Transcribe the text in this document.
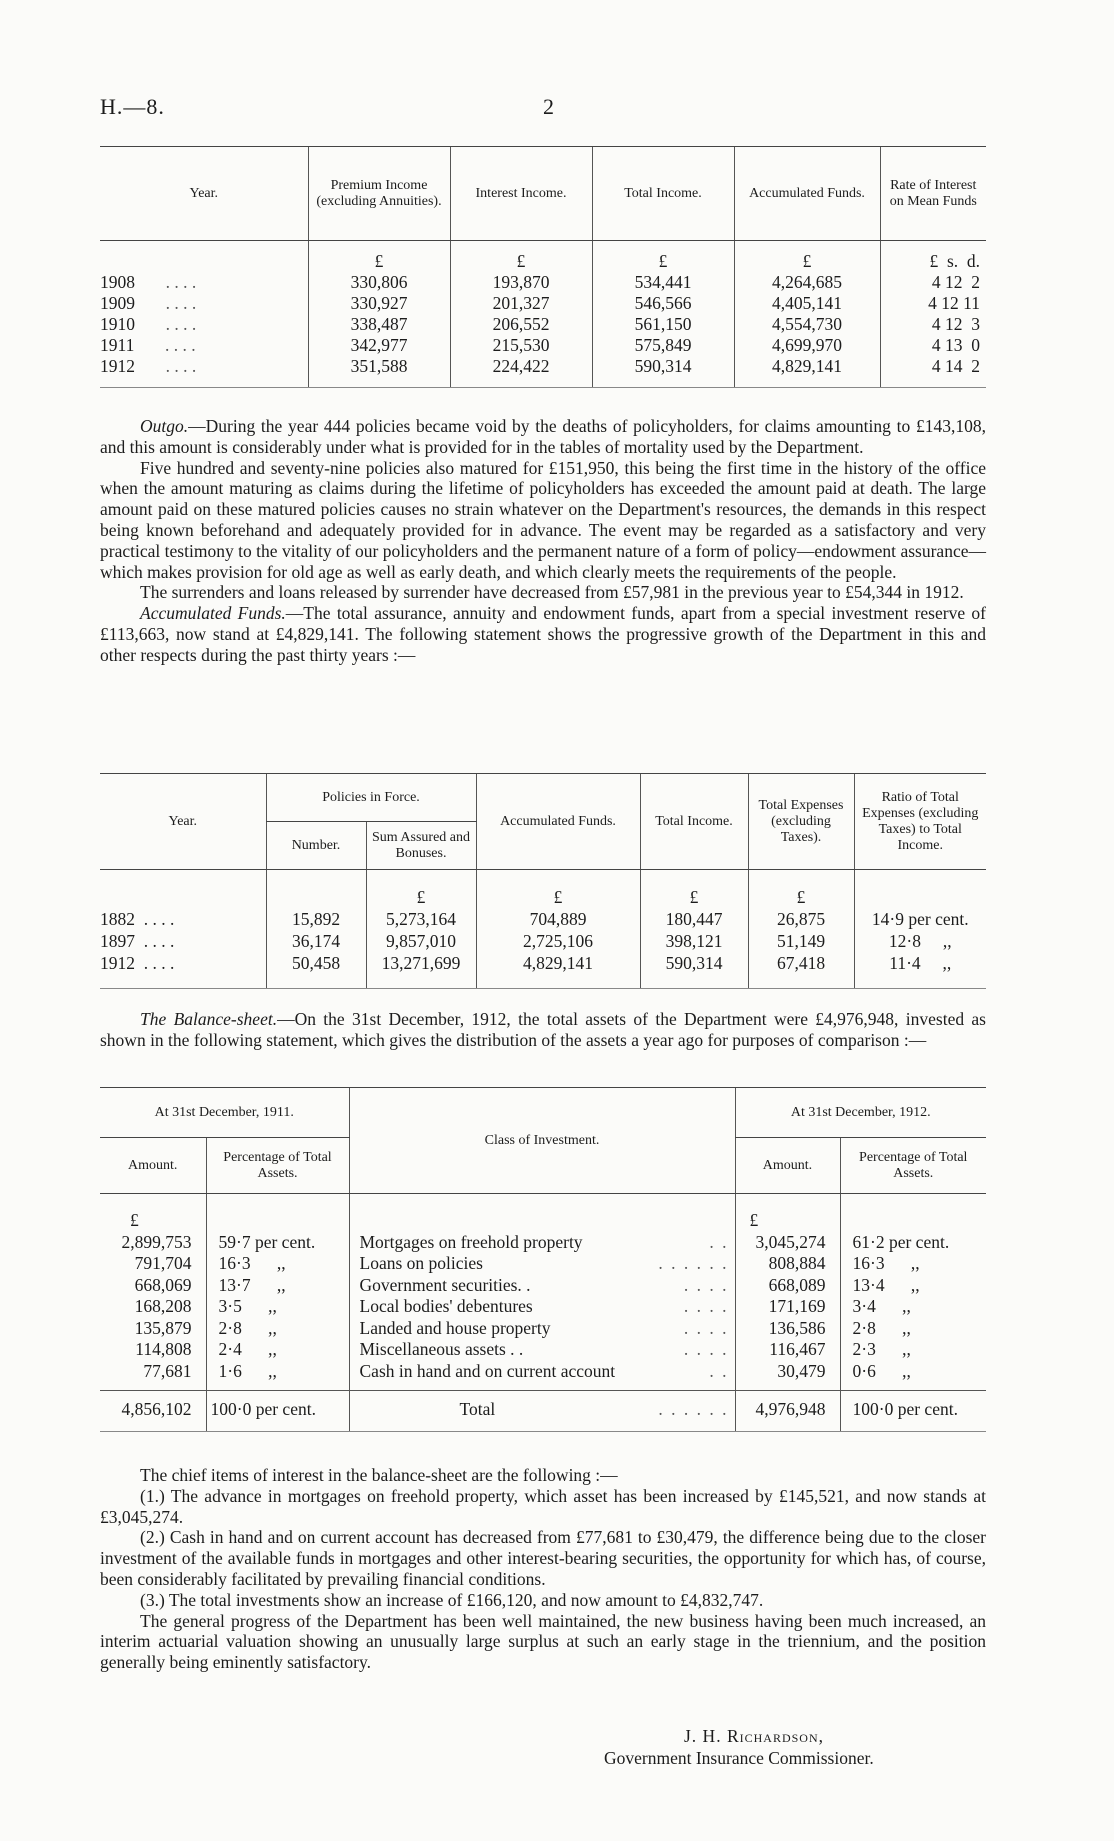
H.—8.	2
Year.	Premium Income (excluding Annuities).	Interest Income.	Total Income.	Accumulated Funds.	Rate of Interest on Mean Funds
	£	£	£	£	£  s.  d.
1908 . . . .	330,806	193,870	534,441	4,264,685	4 12  2
1909 . . . .	330,927	201,327	546,566	4,405,141	4 12 11
1910 . . . .	338,487	206,552	561,150	4,554,730	4 12  3
1911 . . . .	342,977	215,530	575,849	4,699,970	4 13  0
1912 . . . .	351,588	224,422	590,314	4,829,141	4 14  2

Outgo.—During the year 444 policies became void by the deaths of policyholders, for claims amounting to £143,108, and this amount is considerably under what is provided for in the tables of mortality used by the Department.

Five hundred and seventy-nine policies also matured for £151,950, this being the first time in the history of the office when the amount maturing as claims during the lifetime of policyholders has exceeded the amount paid at death. The large amount paid on these matured policies causes no strain whatever on the Department's resources, the demands in this respect being known beforehand and adequately provided for in advance. The event may be regarded as a satisfactory and very practical testimony to the vitality of our policyholders and the permanent nature of a form of policy—endowment assurance—which makes provision for old age as well as early death, and which clearly meets the requirements of the people.

The surrenders and loans released by surrender have decreased from £57,981 in the previous year to £54,344 in 1912.

Accumulated Funds.—The total assurance, annuity and endowment funds, apart from a special investment reserve of £113,663, now stand at £4,829,141. The following statement shows the progressive growth of the Department in this and other respects during the past thirty years :—

Year.	Policies in Force.		Accumulated Funds.	Total Income.	Total Expenses (excluding Taxes).	Ratio of Total Expenses (excluding Taxes) to Total Income.
	Number.	Sum Assured and Bonuses.				
		£	£	£	£	
1882 . . . .	15,892	5,273,164	704,889	180,447	26,875	14·9 per cent.
1897 . . . .	36,174	9,857,010	2,725,106	398,121	51,149	12·8     ,,
1912 . . . .	50,458	13,271,699	4,829,141	590,314	67,418	11·4     ,,

The Balance-sheet.—On the 31st December, 1912, the total assets of the Department were £4,976,948, invested as shown in the following statement, which gives the distribution of the assets a year ago for purposes of comparison :—

At 31st December, 1911.		Class of Investment.	At 31st December, 1912.	
Amount.	Percentage of Total Assets.		Amount.	Percentage of Total Assets.
£			£	
2,899,753	59·7 per cent.	Mortgages on freehold property . .	3,045,274	61·2 per cent.
791,704	16·3      ,,	Loans on policies . . . . . .	808,884	16·3      ,,
668,069	13·7      ,,	Government securities. . . . . .	668,089	13·4      ,,
168,208	3·5      ,,	Local bodies' debentures . . . .	171,169	3·4      ,,
135,879	2·8      ,,	Landed and house property . . . .	136,586	2·8      ,,
114,808	2·4      ,,	Miscellaneous assets . . . . . .	116,467	2·3      ,,
77,681	1·6      ,,	Cash in hand and on current account . .	30,479	0·6      ,,
4,856,102	100·0 per cent.	Total . . . . . .	4,976,948	100·0 per cent.

The chief items of interest in the balance-sheet are the following :—

(1.) The advance in mortgages on freehold property, which asset has been increased by £145,521, and now stands at £3,045,274.

(2.) Cash in hand and on current account has decreased from £77,681 to £30,479, the difference being due to the closer investment of the available funds in mortgages and other interest-bearing securities, the opportunity for which has, of course, been considerably facilitated by prevailing financial conditions.

(3.) The total investments show an increase of £166,120, and now amount to £4,832,747.

The general progress of the Department has been well maintained, the new business having been much increased, an interim actuarial valuation showing an unusually large surplus at such an early stage in the triennium, and the position generally being eminently satisfactory.

J. H. Richardson,
Government Insurance Commissioner.
